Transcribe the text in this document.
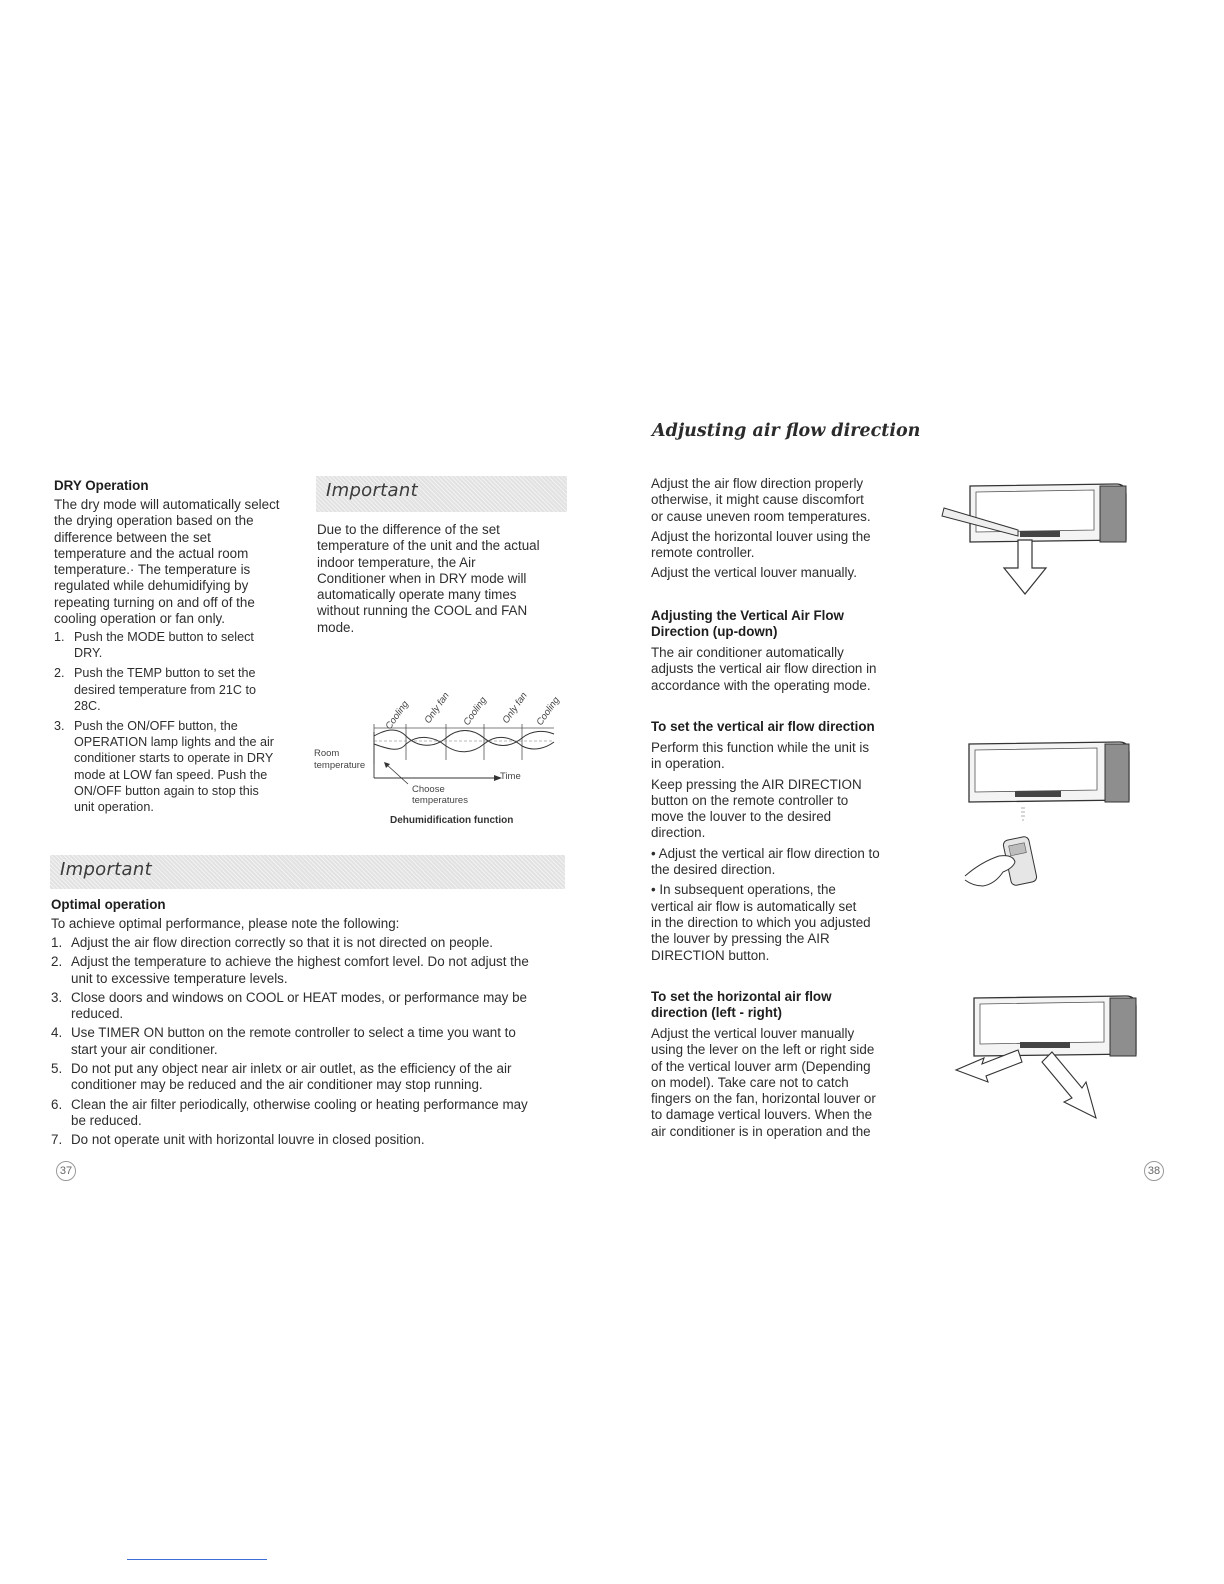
DRY Operation

The dry mode will automatically select

the drying operation based on the

difference between the set

temperature and the actual room

temperature.· The temperature is

regulated while dehumidifying by

repeating turning on and off of the

cooling operation or fan only.

1. Push the MODE button to select

DRY.

2. Push the TEMP button to set the

desired temperature from 21C to

28C.

3. Push the ON/OFF button, the

OPERATION lamp lights and the air

conditioner starts to operate in DRY

mode at LOW fan speed. Push the

ON/OFF button again to stop this

unit operation.

Important

Due to the difference of the set

temperature of the unit and the actual

indoor temperature, the Air

Conditioner when in DRY mode will

automatically operate many times

without running the COOL and FAN

mode.

Cooling Only fan Cooling Only fan Cooling
Room
temperature
Time
Choose
temperatures
Dehumidification function
Important
Optimal operation
To achieve optimal performance, please note the following:
1. Adjust the air flow direction correctly so that it is not directed on people.

2. Adjust the temperature to achieve the highest comfort level. Do not adjust the

unit to excessive temperature levels.

3. Close doors and windows on COOL or HEAT modes, or performance may be

reduced.

4. Use TIMER ON button on the remote controller to select a time you want to

start your air conditioner.

5. Do not put any object near air inletx or air outlet, as the efficiency of the air

conditioner may be reduced and the air conditioner may stop running.

6. Clean the air filter periodically, otherwise cooling or heating performance may

be reduced.

7. Do not operate unit with horizontal louvre in closed position.

37
Adjusting air flow direction

Adjust the air flow direction properly

otherwise, it might cause discomfort

or cause uneven room temperatures.

Adjust the horizontal louver using the

remote controller.

Adjust the vertical louver manually.

Adjusting the Vertical Air Flow

Direction (up-down)

The air conditioner automatically

adjusts the vertical air flow direction in

accordance with the operating mode.

To set the vertical air flow direction

Perform this function while the unit is

in operation.

Keep pressing the AIR DIRECTION

button on the remote controller to

move the louver to the desired

direction.

• Adjust the vertical air flow direction to

the desired direction.

• In subsequent operations, the

vertical air flow is automatically set

in the direction to which you adjusted

the louver by pressing the AIR

DIRECTION button.

To set the horizontal air flow

direction (left - right)

Adjust the vertical louver manually

using the lever on the left or right side

of the vertical louver arm (Depending

on model). Take care not to catch

fingers on the fan, horizontal louver or

to damage vertical louvers. When the

air conditioner is in operation and the

38
